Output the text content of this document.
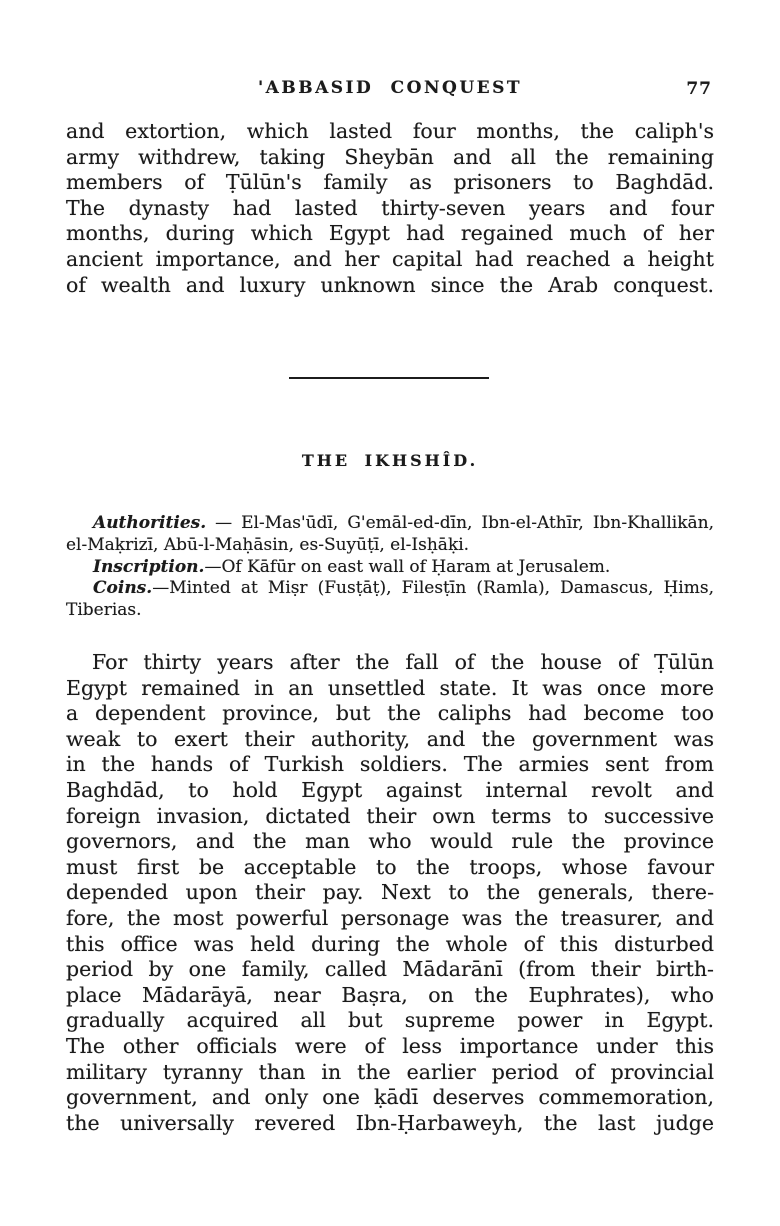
'ABBASID CONQUEST	77
and extortion, which lasted four months, the caliph's
army withdrew, taking Sheybān and all the remaining
members of Ṭūlūn's family as prisoners to Baghdād.
The dynasty had lasted thirty-seven years and four
months, during which Egypt had regained much of her
ancient importance, and her capital had reached a height
of wealth and luxury unknown since the Arab conquest.
THE IKHSHÎD.

Authorities. — El-Mas'ūdī, G'emāl-ed-dīn, Ibn-el-Athīr, Ibn-Khallikān, el-Maḳrizī, Abū-l-Maḥāsin, es-Suyūṭī, el-Isḥāḳi.

Inscription.—Of Kāfūr on east wall of Ḥaram at Jerusalem.

Coins.—Minted at Miṣr (Fusṭāṭ), Filesṭīn (Ramla), Damascus, Ḥims, Tiberias.

For thirty years after the fall of the house of Ṭūlūn
Egypt remained in an unsettled state. It was once more
a dependent province, but the caliphs had become too
weak to exert their authority, and the government was
in the hands of Turkish soldiers. The armies sent from
Baghdād, to hold Egypt against internal revolt and
foreign invasion, dictated their own terms to successive
governors, and the man who would rule the province
must first be acceptable to the troops, whose favour
depended upon their pay. Next to the generals, there-
fore, the most powerful personage was the treasurer, and
this office was held during the whole of this disturbed
period by one family, called Mādarānī (from their birth-
place Mādarāyā, near Baṣra, on the Euphrates), who
gradually acquired all but supreme power in Egypt.
The other officials were of less importance under this
military tyranny than in the earlier period of provincial
government, and only one ḳādī deserves commemoration,
the universally revered Ibn-Ḥarbaweyh, the last judge
